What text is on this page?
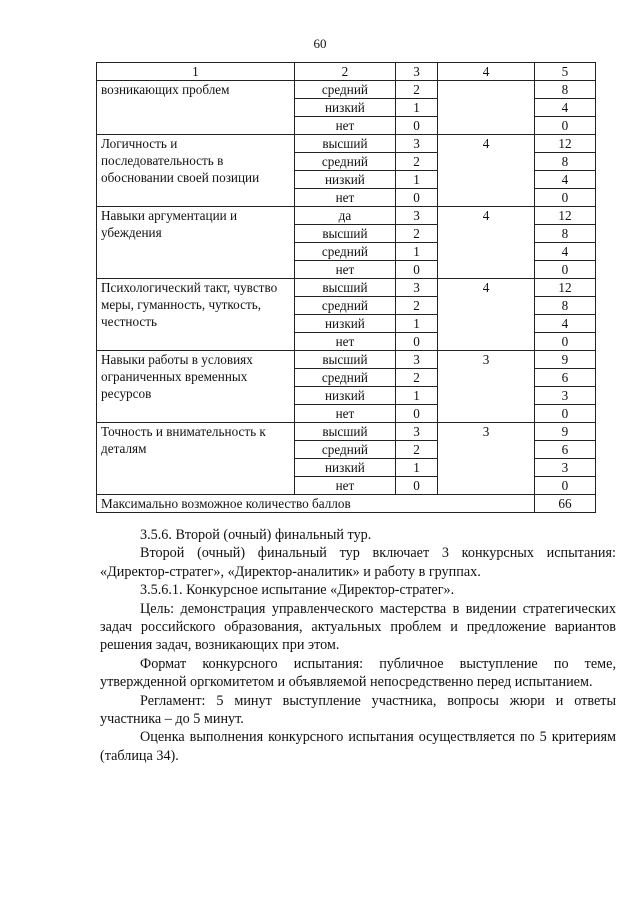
60
1	2	3	4	5
возникающих проблем	средний	2		8
	низкий	1		4
	нет	0		0
Логичность и последовательность в обосновании своей позиции	высший	3	4	12
	средний	2		8
	низкий	1		4
	нет	0		0
Навыки аргументации и убеждения	да	3	4	12
	высший	2		8
	средний	1		4
	нет	0		0
Психологический такт, чувство меры, гуманность, чуткость, честность	высший	3	4	12
	средний	2		8
	низкий	1		4
	нет	0		0
Навыки работы в условиях ограниченных временных ресурсов	высший	3	3	9
	средний	2		6
	низкий	1		3
	нет	0		0
Точность и внимательность к деталям	высший	3	3	9
	средний	2		6
	низкий	1		3
	нет	0		0
Максимально возможное количество баллов				66

3.5.6. Второй (очный) финальный тур.

Второй (очный) финальный тур включает 3 конкурсных испытания: «Директор-стратег», «Директор-аналитик» и работу в группах.

3.5.6.1. Конкурсное испытание «Директор-стратег».

Цель: демонстрация управленческого мастерства в видении стратегических задач российского образования, актуальных проблем и предложение вариантов решения задач, возникающих при этом.

Формат конкурсного испытания: публичное выступление по теме, утвержденной оргкомитетом и объявляемой непосредственно перед испытанием.

Регламент: 5 минут выступление участника, вопросы жюри и ответы участника – до 5 минут.

Оценка выполнения конкурсного испытания осуществляется по 5 критериям (таблица 34).
